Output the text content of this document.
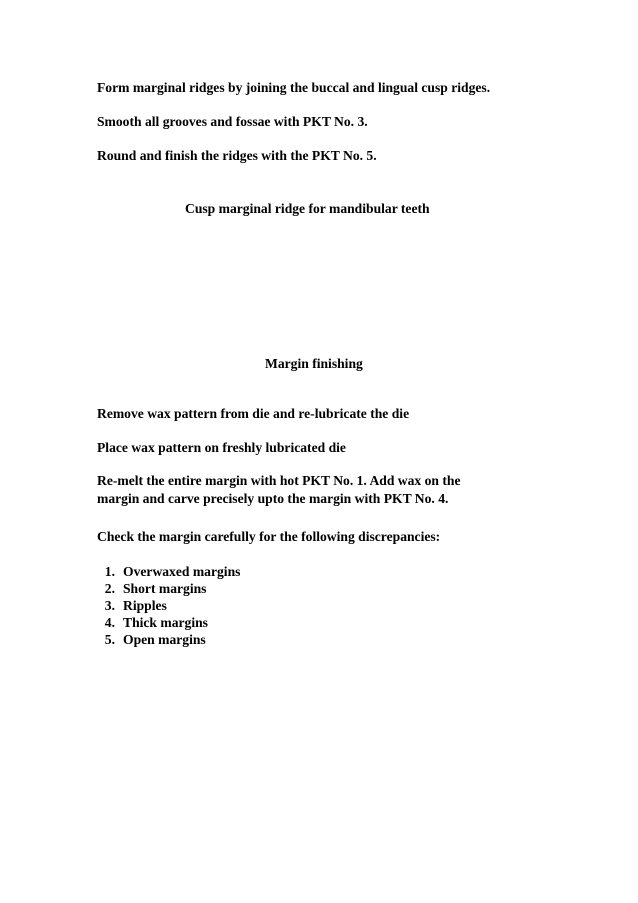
Form marginal ridges by joining the buccal and lingual cusp ridges.
Smooth all grooves and fossae with PKT No. 3.
Round and finish the ridges with the PKT No. 5.
Cusp marginal ridge for mandibular teeth
Margin finishing
Remove wax pattern from die and re-lubricate the die
Place wax pattern on freshly lubricated die
Re-melt the entire margin with hot PKT No. 1. Add wax on the
margin and carve precisely upto the margin with PKT No. 4.
Check the margin carefully for the following discrepancies:
1. Overwaxed margins
2. Short margins
3. Ripples
4. Thick margins
5. Open margins
